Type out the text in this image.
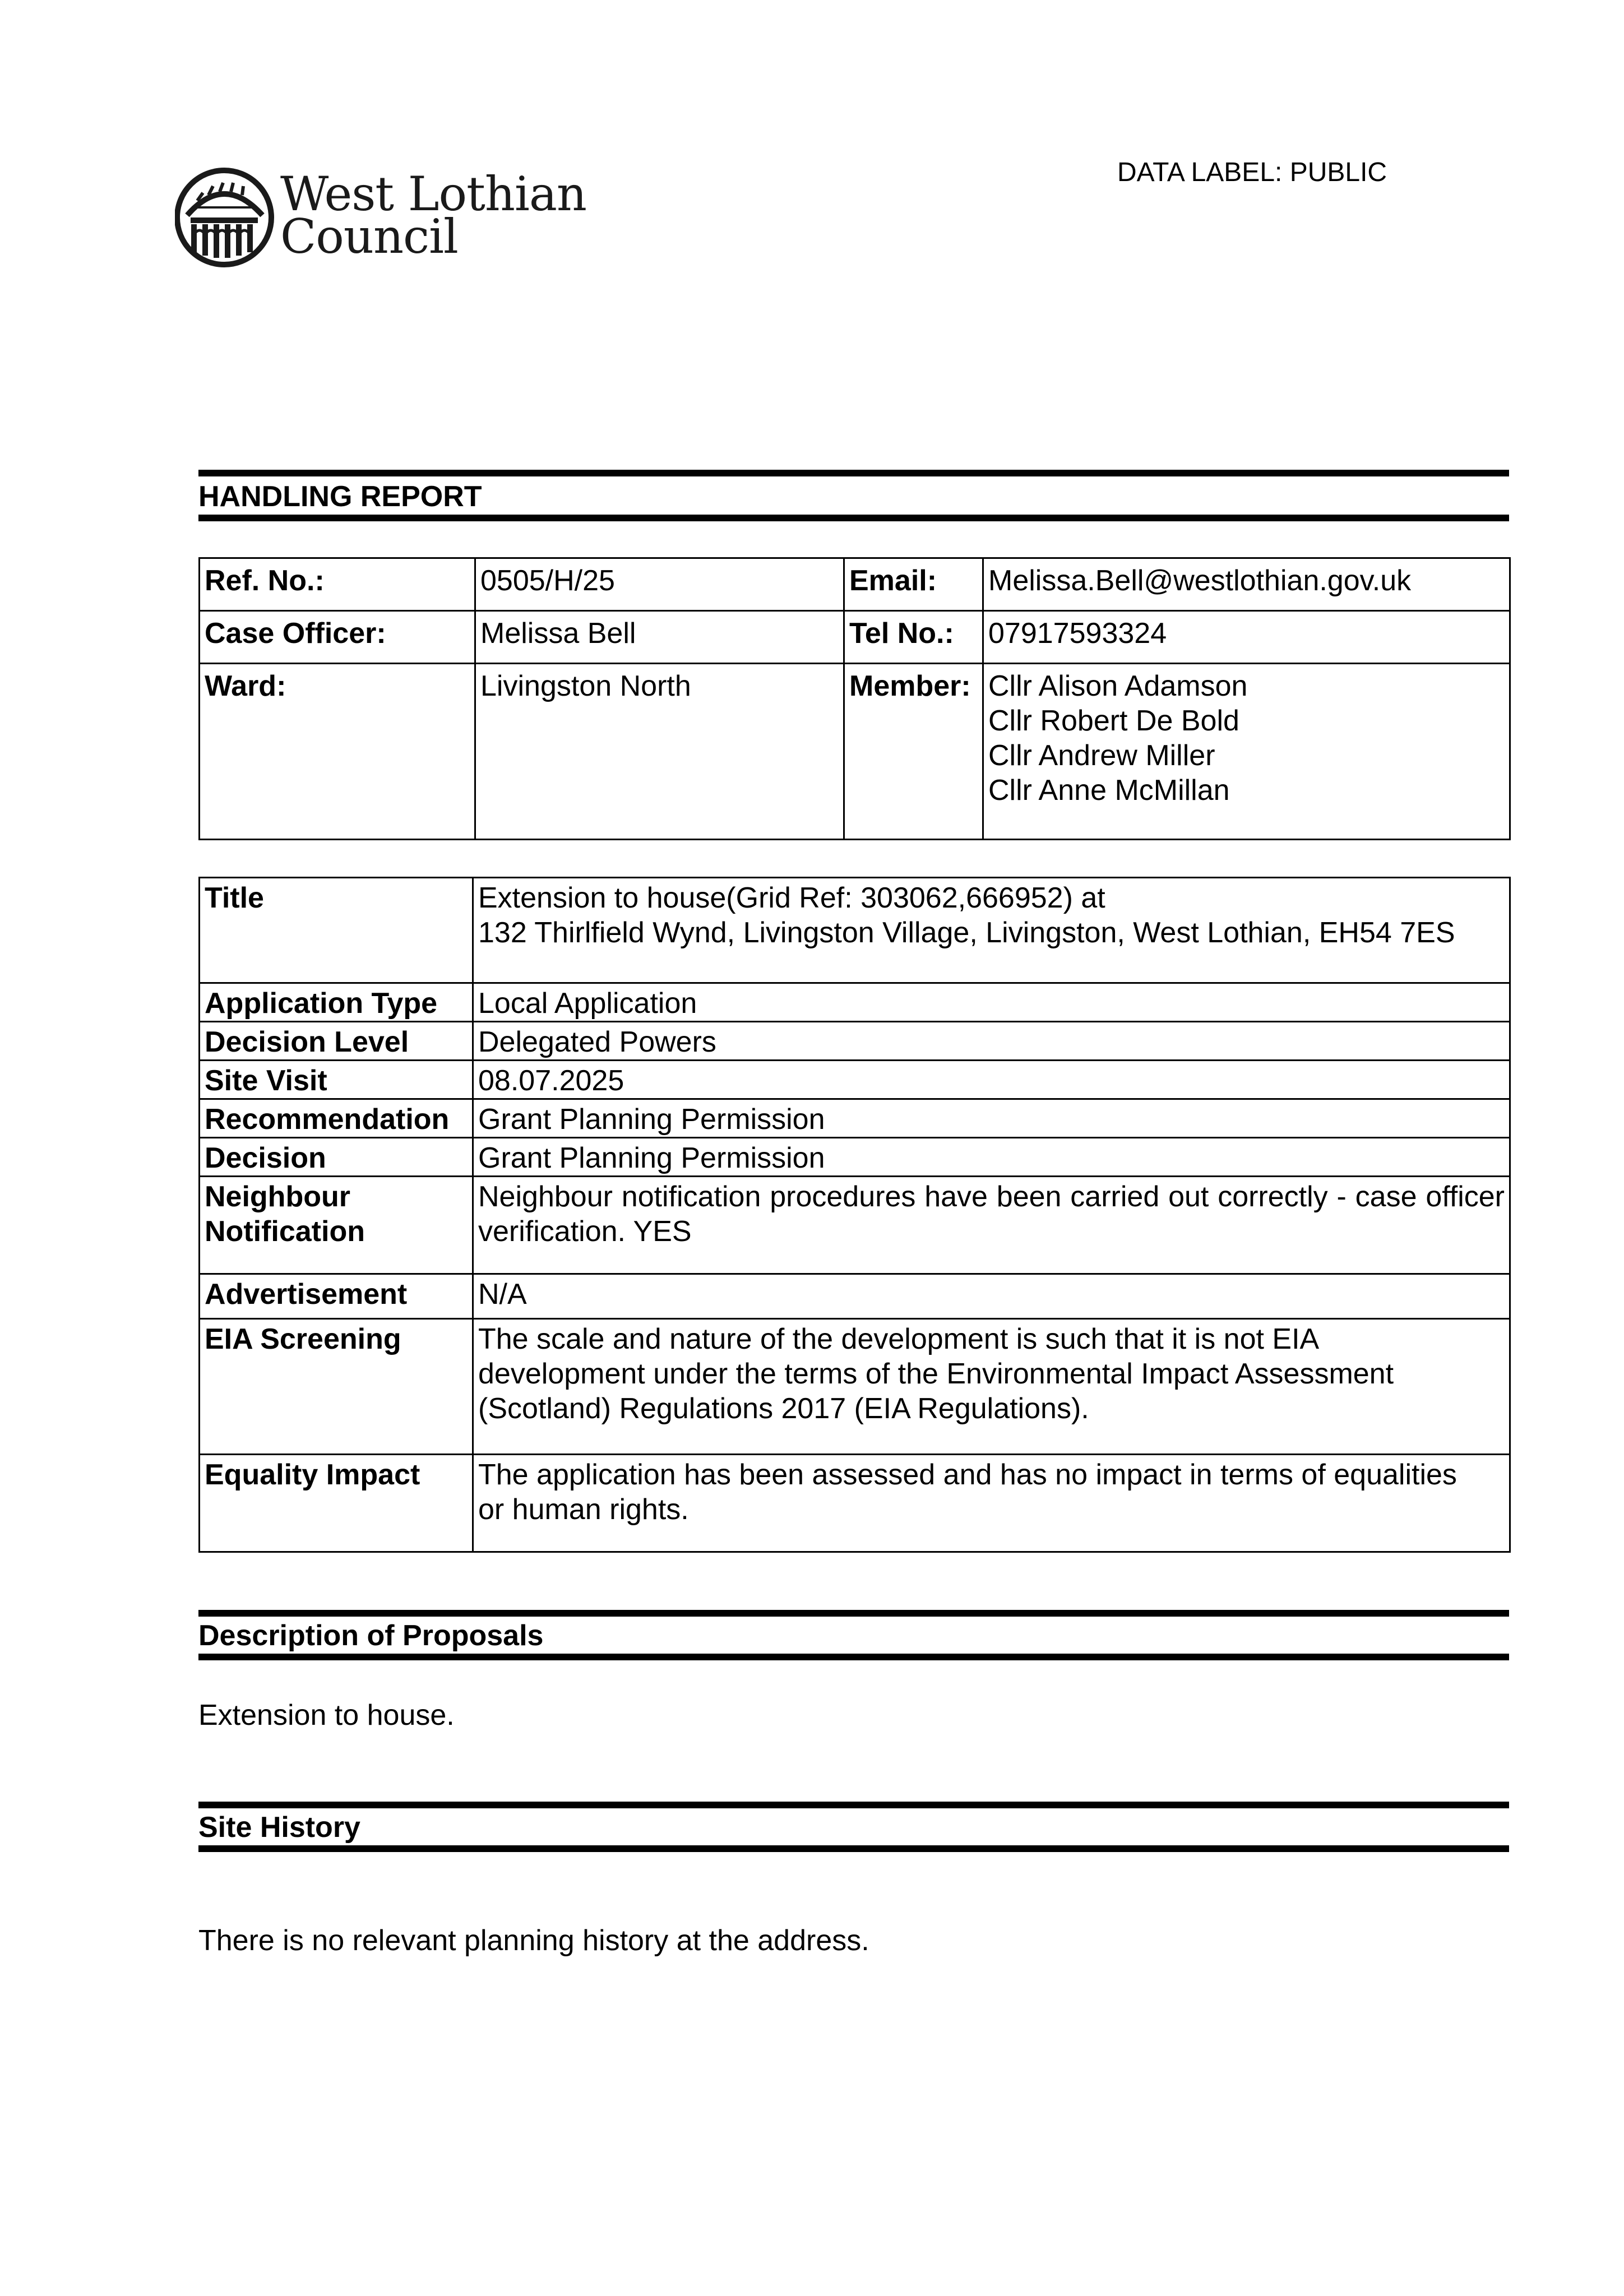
West Lothian
Council
DATA LABEL: PUBLIC
HANDLING REPORT
Ref. No.:	0505/H/25	Email:	Melissa.Bell@westlothian.gov.uk
Case Officer:	Melissa Bell	Tel No.:	07917593324
Ward:	Livingston North	Member:	Cllr Alison Adamson
Cllr Robert De Bold
Cllr Andrew Miller
Cllr Anne McMillan
Title	Extension to house(Grid Ref: 303062,666952) at
132 Thirlfield Wynd, Livingston Village, Livingston, West Lothian, EH54 7ES

Application Type	Local Application
Decision Level	Delegated Powers
Site Visit	08.07.2025
Recommendation	Grant Planning Permission
Decision	Grant Planning Permission

Neighbour
Notification	Neighbour notification procedures have been carried out correctly - case officer verification. YES
Advertisement	N/A
EIA Screening	The scale and nature of the development is such that it is not EIA
development under the terms of the Environmental Impact Assessment
(Scotland) Regulations 2017 (EIA Regulations).

Equality Impact	The application has been assessed and has no impact in terms of equalities
or human rights.
Description of Proposals
Extension to house.
Site History
There is no relevant planning history at the address.
